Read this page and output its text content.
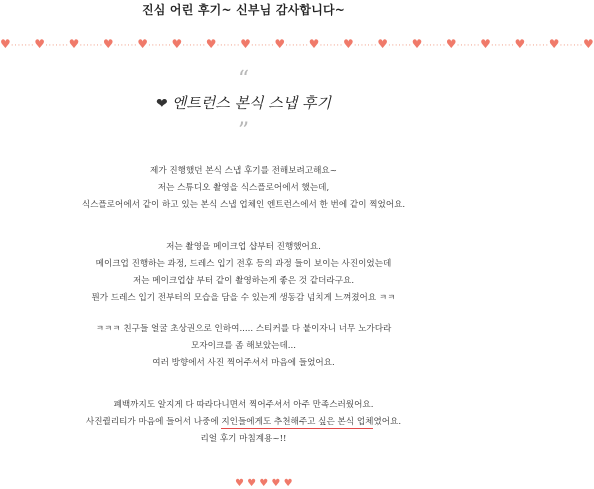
진심 어린 후기~ 신부님 감사합니다~
♥·······♥·······♥·······♥·······♥·······♥·······♥·······♥·······♥·······♥·······♥·······♥·······♥·······♥·······♥·······♥·······♥·······♥
“
❤ 엔트런스 본식 스냅 후기
”
제가 진행했던 본식 스냅 후기를 전해보려고해요~
저는 스튜디오 촬영을 식스플로어에서 했는데,
식스플로어에서 같이 하고 있는 본식 스냅 업체인 엔트런스에서 한 번에 같이 찍었어요.
저는 촬영을 메이크업 샵부터 진행했어요.
메이크업 진행하는 과정, 드레스 입기 전후 등의 과정 들이 보이는 사진이었는데
저는 메이크업샵 부터 같이 촬영하는게 좋은 것 같더라구요.
뭔가 드레스 입기 전부터의 모습을 담을 수 있는게 생동감 넘치게 느껴졌어요 ㅋㅋ
ㅋㅋㅋ 친구들 얼굴 초상권으로 인하여..... 스티커를 다 붙이자니 너무 노가다라
모자이크를 좀 해보았는데...
여러 방향에서 사진 찍어주셔서 마음에 들었어요.
폐백까지도 알지게 다 따라다니면서 찍어주셔서 아주 만족스러웠어요.
사진퀄리티가 마음에 들어서 나중에 지인들에게도 추천해주고 싶은 본식 업체였어요.
리얼 후기 마침계용~!!
♥ ♥ ♥ ♥ ♥
